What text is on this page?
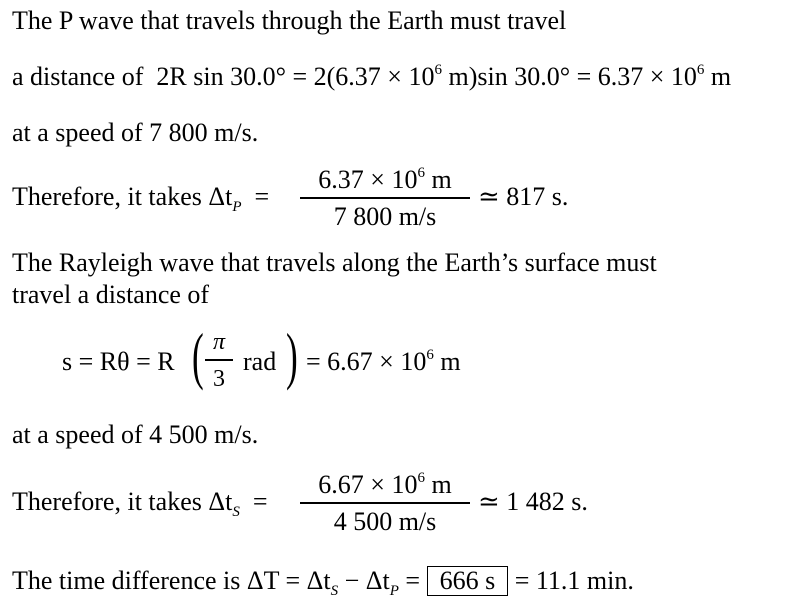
The P wave that travels through the Earth must travel
a distance of 2R $\sin 30.0^\circ = 2(6.37 \times 10^6$ m)sin $30.0^\circ = 6.37 \times 10^6$ m
at a speed of 7 800 m/s.
Therefore, it takes $\Delta t_P$ =
$6.37 \times 10^6$ m
7 800 m/s
≃ 817 s.
The Rayleigh wave that travels along the Earth’s surface must
travel a distance of
s = Rθ = R ( π
3
rad ) = $6.67 \times 10^6$ m
at a speed of 4 500 m/s.
Therefore, it takes $\Delta t_S$ =
$6.67 \times 10^6$ m
4 500 m/s
≃ 1 482 s.
The time difference is $\Delta T = \Delta t_S - \Delta t_P = 666$ s = 11.1 min.
